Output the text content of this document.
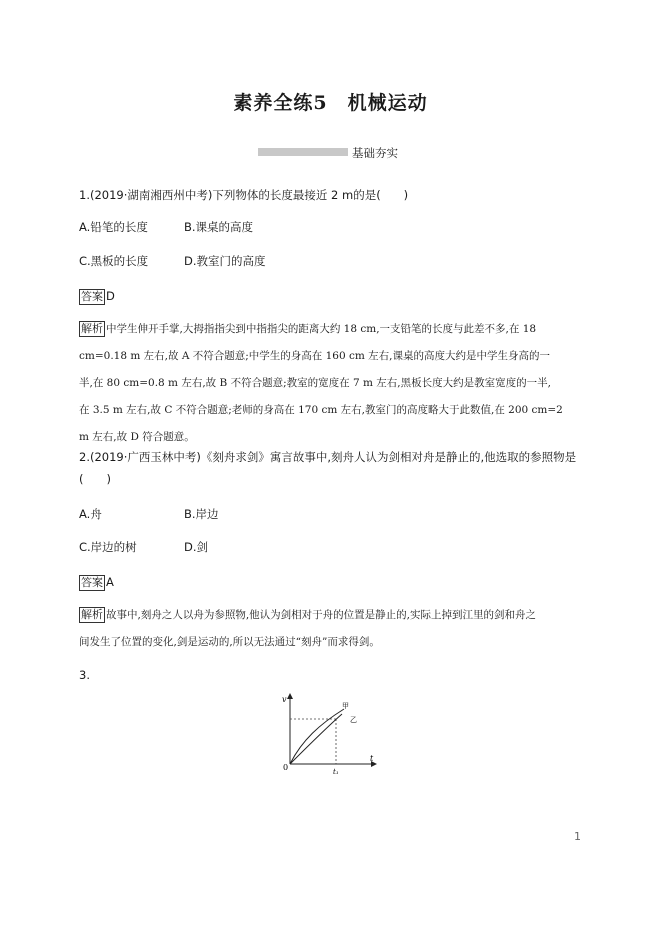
素养全练5　机械运动
基础夯实
1.(2019·湖南湘西州中考)下列物体的长度最接近 2 m的是(　　)
A.铅笔的长度	B.课桌的高度
C.黑板的长度	D.教室门的高度
答案 D
解析 中学生伸开手掌,大拇指指尖到中指指尖的距离大约 18 cm,一支铅笔的长度与此差不多,在 18
cm=0.18 m 左右,故 A 不符合题意;中学生的身高在 160 cm 左右,课桌的高度大约是中学生身高的一
半,在 80 cm=0.8 m 左右,故 B 不符合题意;教室的宽度在 7 m 左右,黑板长度大约是教室宽度的一半,
在 3.5 m 左右,故 C 不符合题意;老师的身高在 170 cm 左右,教室门的高度略大于此数值,在 200 cm=2
m 左右,故 D 符合题意。
2.(2019·广西玉林中考)《刻舟求剑》寓言故事中,刻舟人认为剑相对舟是静止的,他选取的参照物是
(　　)
A.舟	B.岸边
C.岸边的树	D.剑
答案 A
解析 故事中,刻舟之人以舟为参照物,他认为剑相对于舟的位置是静止的,实际上掉到江里的剑和舟之
间发生了位置的变化,剑是运动的,所以无法通过“刻舟”而求得剑。
3.
v
t
0	t₁
甲
乙
1
